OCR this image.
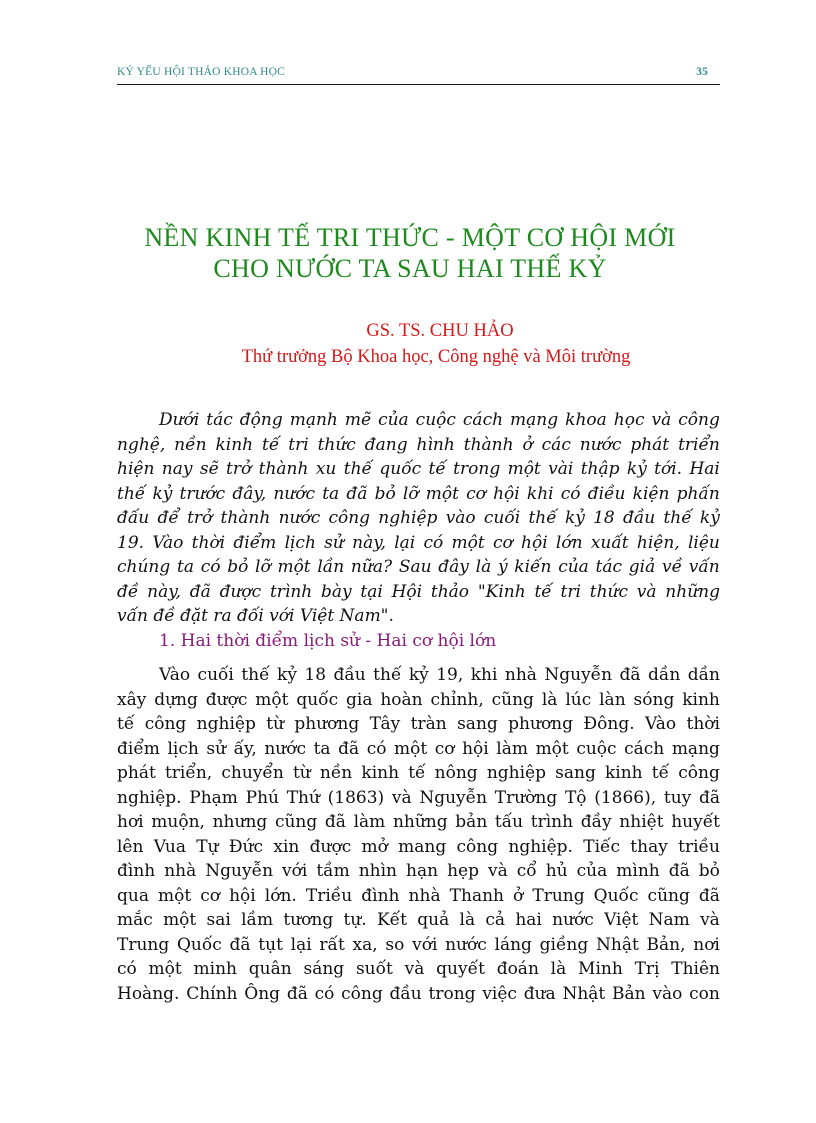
KỶ YẾU HỘI THẢO KHOA HỌC	35
NỀN KINH TẾ TRI THỨC - MỘT CƠ HỘI MỚI
CHO NƯỚC TA SAU HAI THẾ KỶ
GS. TS. CHU HẢO
Thứ trưởng Bộ Khoa học, Công nghệ và Môi trường
Dưới tác động mạnh mẽ của cuộc cách mạng khoa học và công
nghệ, nền kinh tế tri thức đang hình thành ở các nước phát triển
hiện nay sẽ trở thành xu thế quốc tế trong một vài thập kỷ tới. Hai
thế kỷ trước đây, nước ta đã bỏ lỡ một cơ hội khi có điều kiện phấn
đấu để trở thành nước công nghiệp vào cuối thế kỷ 18 đầu thế kỷ
19. Vào thời điểm lịch sử này, lại có một cơ hội lớn xuất hiện, liệu
chúng ta có bỏ lỡ một lần nữa? Sau đây là ý kiến của tác giả về vấn
đề này, đã được trình bày tại Hội thảo "Kinh tế tri thức và những
vấn đề đặt ra đối với Việt Nam".
1. Hai thời điểm lịch sử - Hai cơ hội lớn
Vào cuối thế kỷ 18 đầu thế kỷ 19, khi nhà Nguyễn đã dần dần
xây dựng được một quốc gia hoàn chỉnh, cũng là lúc làn sóng kinh
tế công nghiệp từ phương Tây tràn sang phương Đông. Vào thời
điểm lịch sử ấy, nước ta đã có một cơ hội làm một cuộc cách mạng
phát triển, chuyển từ nền kinh tế nông nghiệp sang kinh tế công
nghiệp. Phạm Phú Thứ (1863) và Nguyễn Trường Tộ (1866), tuy đã
hơi muộn, nhưng cũng đã làm những bản tấu trình đầy nhiệt huyết
lên Vua Tự Đức xin được mở mang công nghiệp. Tiếc thay triều
đình nhà Nguyễn với tầm nhìn hạn hẹp và cổ hủ của mình đã bỏ
qua một cơ hội lớn. Triều đình nhà Thanh ở Trung Quốc cũng đã
mắc một sai lầm tương tự. Kết quả là cả hai nước Việt Nam và
Trung Quốc đã tụt lại rất xa, so với nước láng giềng Nhật Bản, nơi
có một minh quân sáng suốt và quyết đoán là Minh Trị Thiên
Hoàng. Chính Ông đã có công đầu trong việc đưa Nhật Bản vào con
